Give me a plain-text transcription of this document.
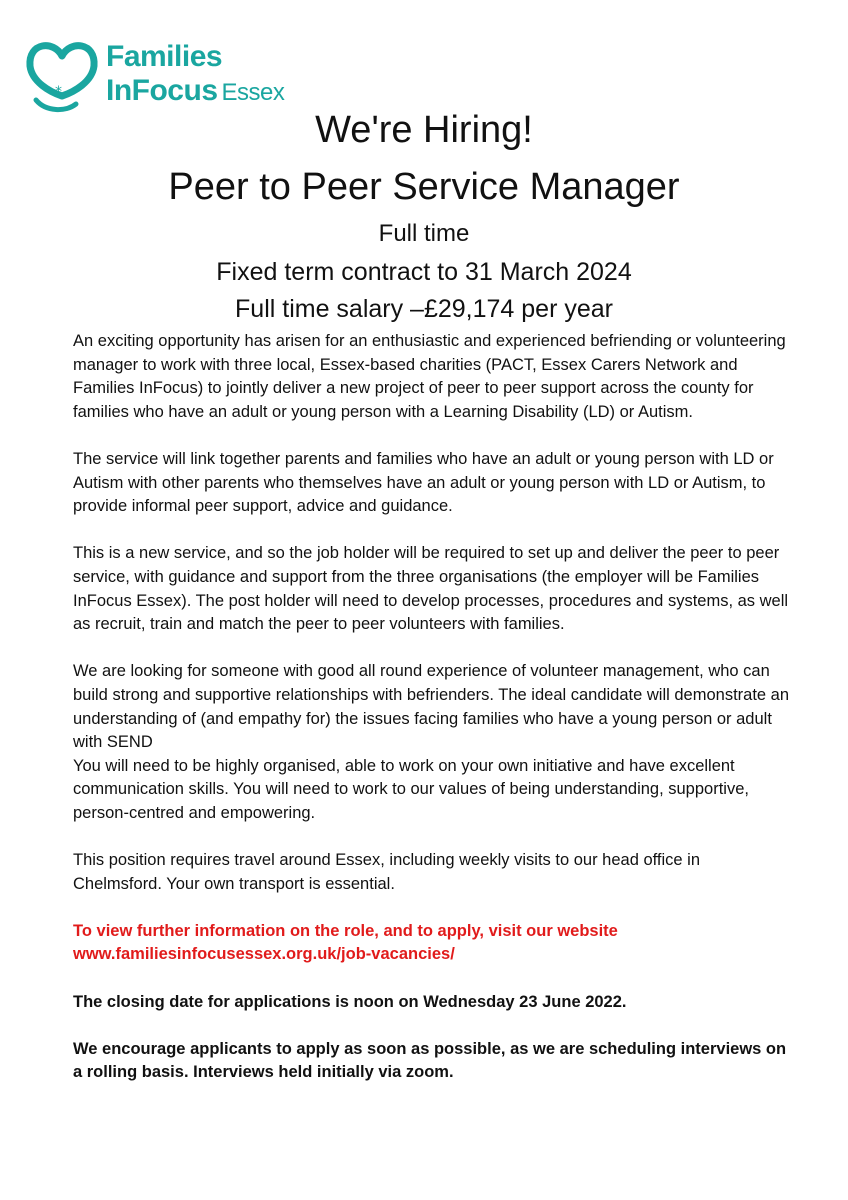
*
Families
InFocus Essex
We're Hiring!
Peer to Peer Service Manager
Full time
Fixed term contract to 31 March 2024
Full time salary –£29,174 per year

An exciting opportunity has arisen for an enthusiastic and experienced befriending or volunteering manager to work with three local, Essex-based charities (PACT, Essex Carers Network and Families InFocus) to jointly deliver a new project of peer to peer support across the county for families who have an adult or young person with a Learning Disability (LD) or Autism.

The service will link together parents and families who have an adult or young person with LD or Autism with other parents who themselves have an adult or young person with LD or Autism, to provide informal peer support, advice and guidance.

This is a new service, and so the job holder will be required to set up and deliver the peer to peer service, with guidance and support from the three organisations (the employer will be Families InFocus Essex). The post holder will need to develop processes, procedures and systems, as well as recruit, train and match the peer to peer volunteers with families.

We are looking for someone with good all round experience of volunteer management, who can build strong and supportive relationships with befrienders. The ideal candidate will demonstrate an understanding of (and empathy for) the issues facing families who have a young person or adult with SEND

You will need to be highly organised, able to work on your own initiative and have excellent communication skills. You will need to work to our values of being understanding, supportive, person-centred and empowering.

This position requires travel around Essex, including weekly visits to our head office in Chelmsford. Your own transport is essential.

To view further information on the role, and to apply, visit our website
www.familiesinfocusessex.org.uk/job-vacancies/

The closing date for applications is noon on Wednesday 23 June 2022.

We encourage applicants to apply as soon as possible, as we are scheduling interviews on a rolling basis. Interviews held initially via zoom.
